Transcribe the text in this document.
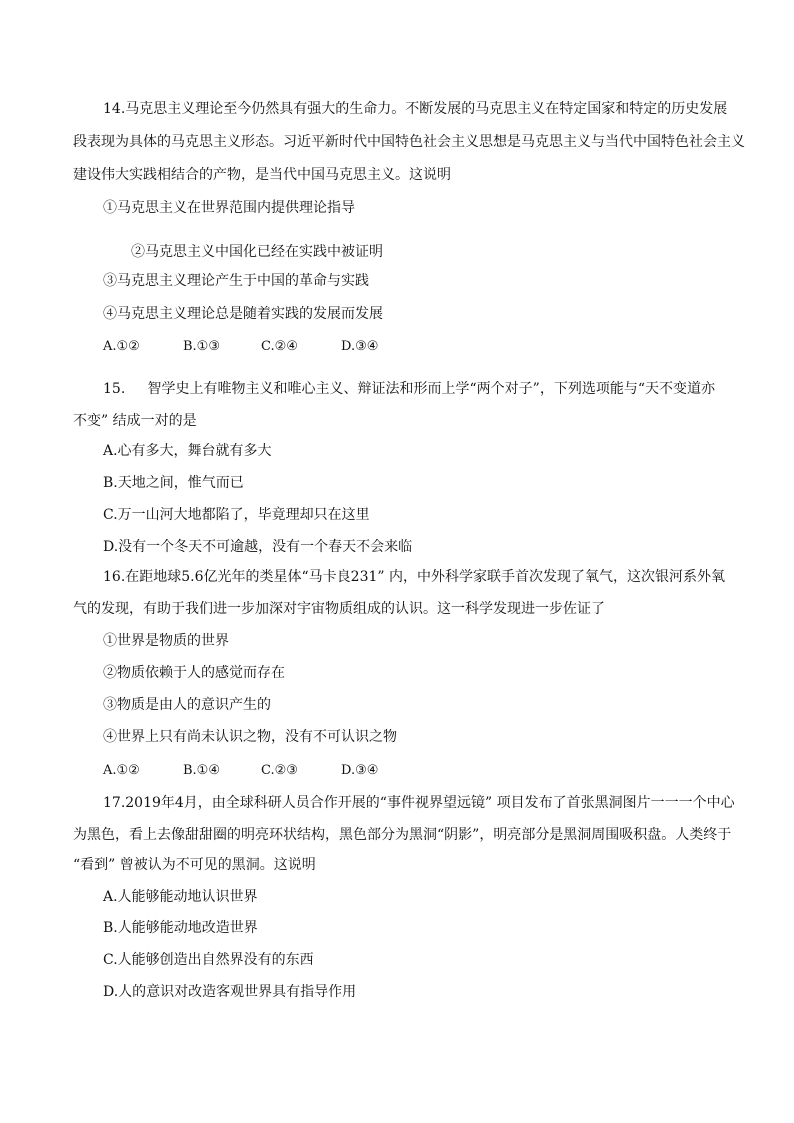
14.马克思主义理论至今仍然具有强大的生命力。不断发展的马克思主义在特定国家和特定的历史发展
段表现为具体的马克思主义形态。习近平新时代中国特色社会主义思想是马克思主义与当代中国特色社会主义
建设伟大实践相结合的产物，是当代中国马克思主义。这说明
①马克思主义在世界范围内提供理论指导
②马克思主义中国化已经在实践中被证明
③马克思主义理论产生于中国的革命与实践
④马克思主义理论总是随着实践的发展而发展
A.①②	B.①③	C.②④	D.③④
15.     智学史上有唯物主义和唯心主义、辩证法和形而上学“两个对子”，下列选项能与“天不变道亦
不变” 结成一对的是
A.心有多大，舞台就有多大
B.天地之间，惟气而已
C.万一山河大地都陷了，毕竟理却只在这里
D.没有一个冬天不可逾越，没有一个春天不会来临
16.在距地球5.6亿光年的类星体“马卡良231” 内，中外科学家联手首次发现了氧气，这次银河系外氧
气的发现，有助于我们进一步加深对宇宙物质组成的认识。这一科学发现进一步佐证了
①世界是物质的世界
②物质依赖于人的感觉而存在
③物质是由人的意识产生的
④世界上只有尚未认识之物，没有不可认识之物
A.①②	B.①④	C.②③	D.③④
17.2019年4月，由全球科研人员合作开展的“事件视界望远镜” 项目发布了首张黑洞图片一一一个中心
为黑色，看上去像甜甜圈的明亮环状结构，黑色部分为黑洞“阴影”，明亮部分是黑洞周围吸积盘。人类终于
“看到” 曾被认为不可见的黑洞。这说明
A.人能够能动地认识世界
B.人能够能动地改造世界
C.人能够创造出自然界没有的东西
D.人的意识对改造客观世界具有指导作用
